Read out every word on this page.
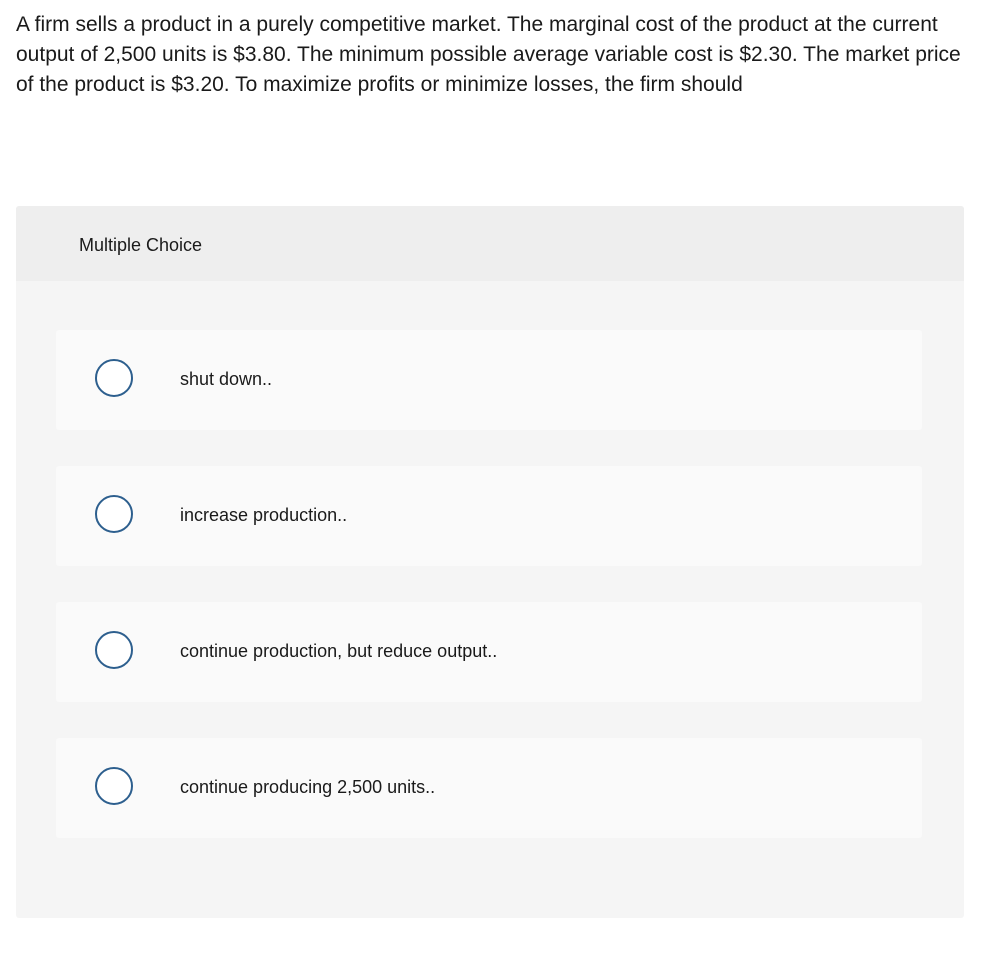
A firm sells a product in a purely competitive market. The marginal cost of the product at the current output of 2,500 units is $3.80. The minimum possible average variable cost is $2.30. The market price of the product is $3.20. To maximize profits or minimize losses, the firm should

Multiple Choice
shut down..
increase production..
continue production, but reduce output..
continue producing 2,500 units..
